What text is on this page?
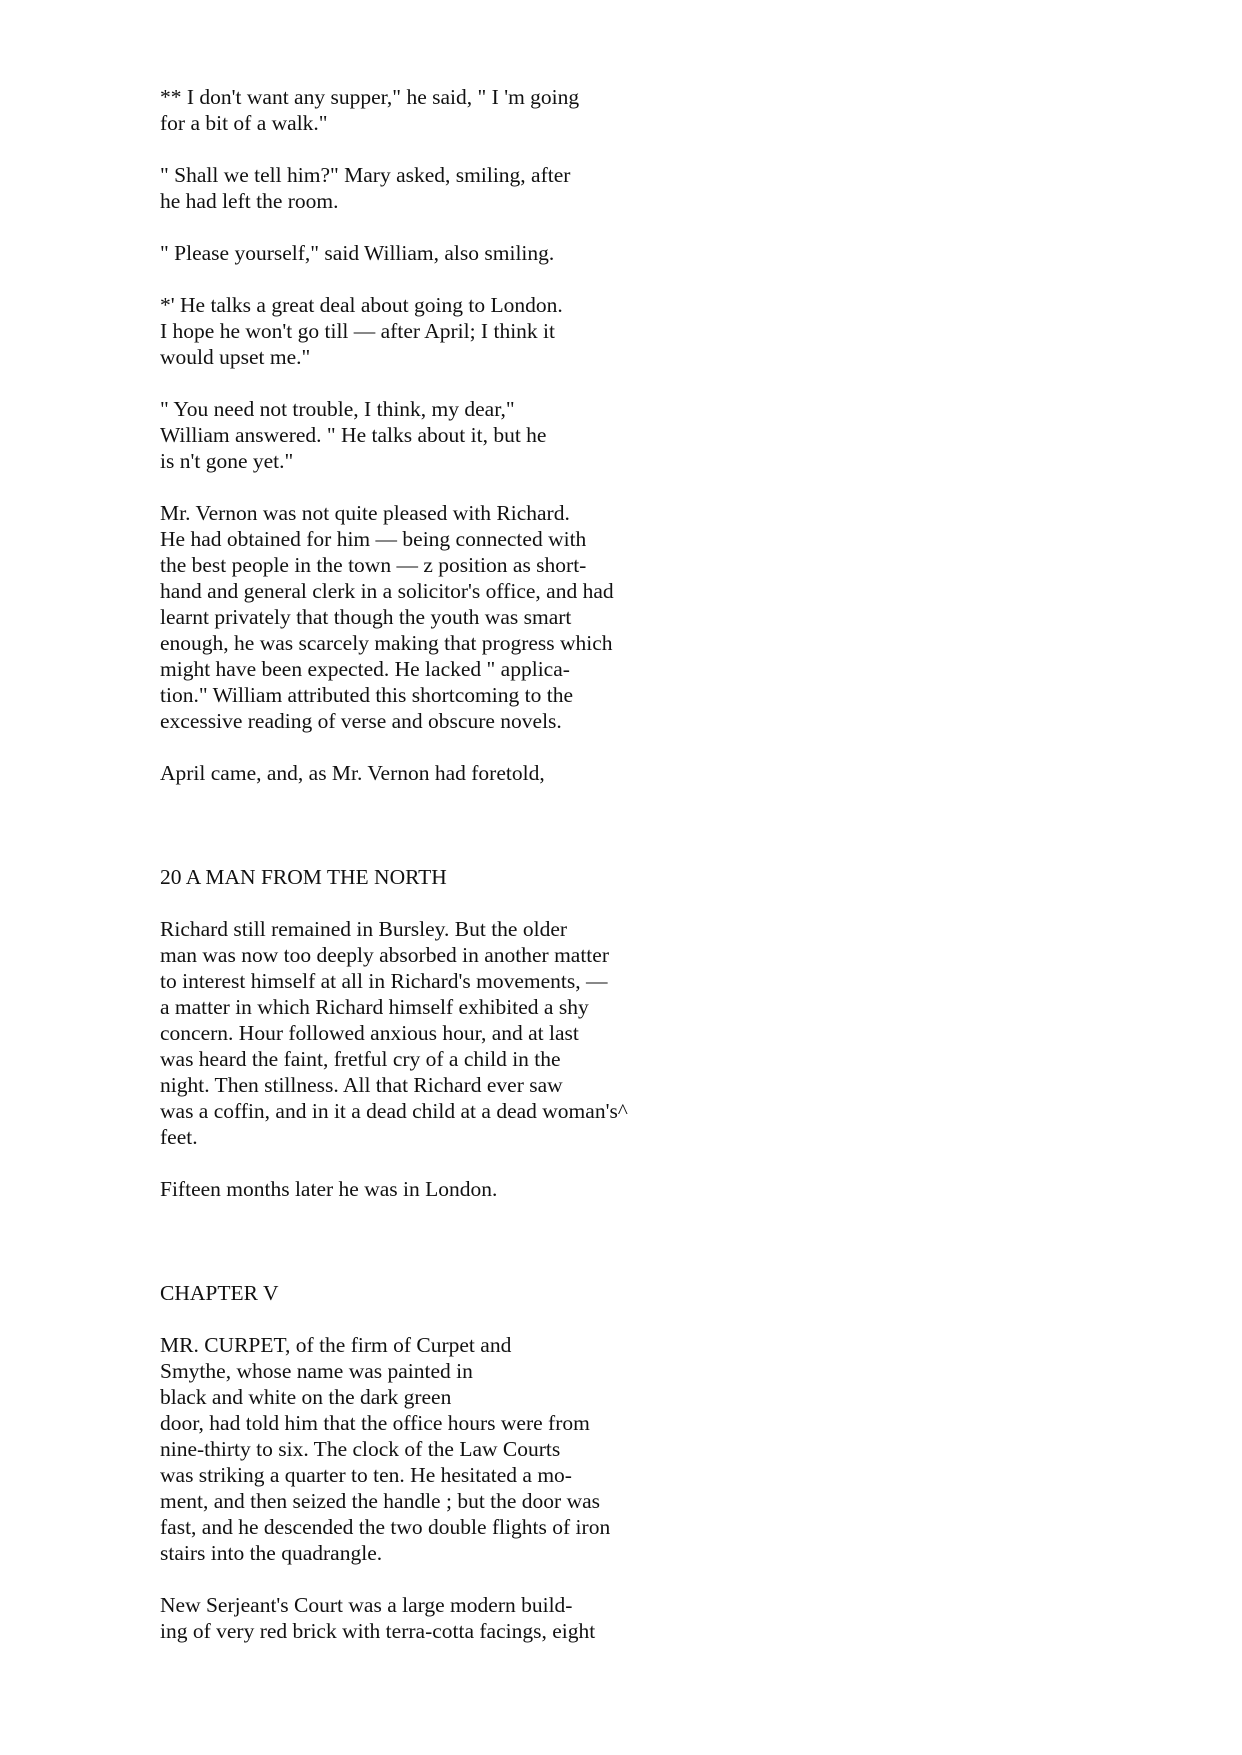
** I don't want any supper," he said, " I 'm going
for a bit of a walk."

" Shall we tell him?" Mary asked, smiling, after
he had left the room.

" Please yourself," said William, also smiling.

*' He talks a great deal about going to London.
I hope he won't go till — after April; I think it
would upset me."

" You need not trouble, I think, my dear,"
William answered. " He talks about it, but he
is n't gone yet."

Mr. Vernon was not quite pleased with Richard.
He had obtained for him — being connected with
the best people in the town — z position as short-
hand and general clerk in a solicitor's office, and had
learnt privately that though the youth was smart
enough, he was scarcely making that progress which
might have been expected. He lacked " applica-
tion." William attributed this shortcoming to the
excessive reading of verse and obscure novels.

April came, and, as Mr. Vernon had foretold,

20 A MAN FROM THE NORTH

Richard still remained in Bursley. But the older
man was now too deeply absorbed in another matter
to interest himself at all in Richard's movements, —
a matter in which Richard himself exhibited a shy
concern. Hour followed anxious hour, and at last
was heard the faint, fretful cry of a child in the
night. Then stillness. All that Richard ever saw
was a coffin, and in it a dead child at a dead woman's^
feet.

Fifteen months later he was in London.

CHAPTER V

MR. CURPET, of the firm of Curpet and
Smythe, whose name was painted in
black and white on the dark green
door, had told him that the office hours were from
nine-thirty to six. The clock of the Law Courts
was striking a quarter to ten. He hesitated a mo-
ment, and then seized the handle ; but the door was
fast, and he descended the two double flights of iron
stairs into the quadrangle.

New Serjeant's Court was a large modern build-
ing of very red brick with terra-cotta facings, eight
